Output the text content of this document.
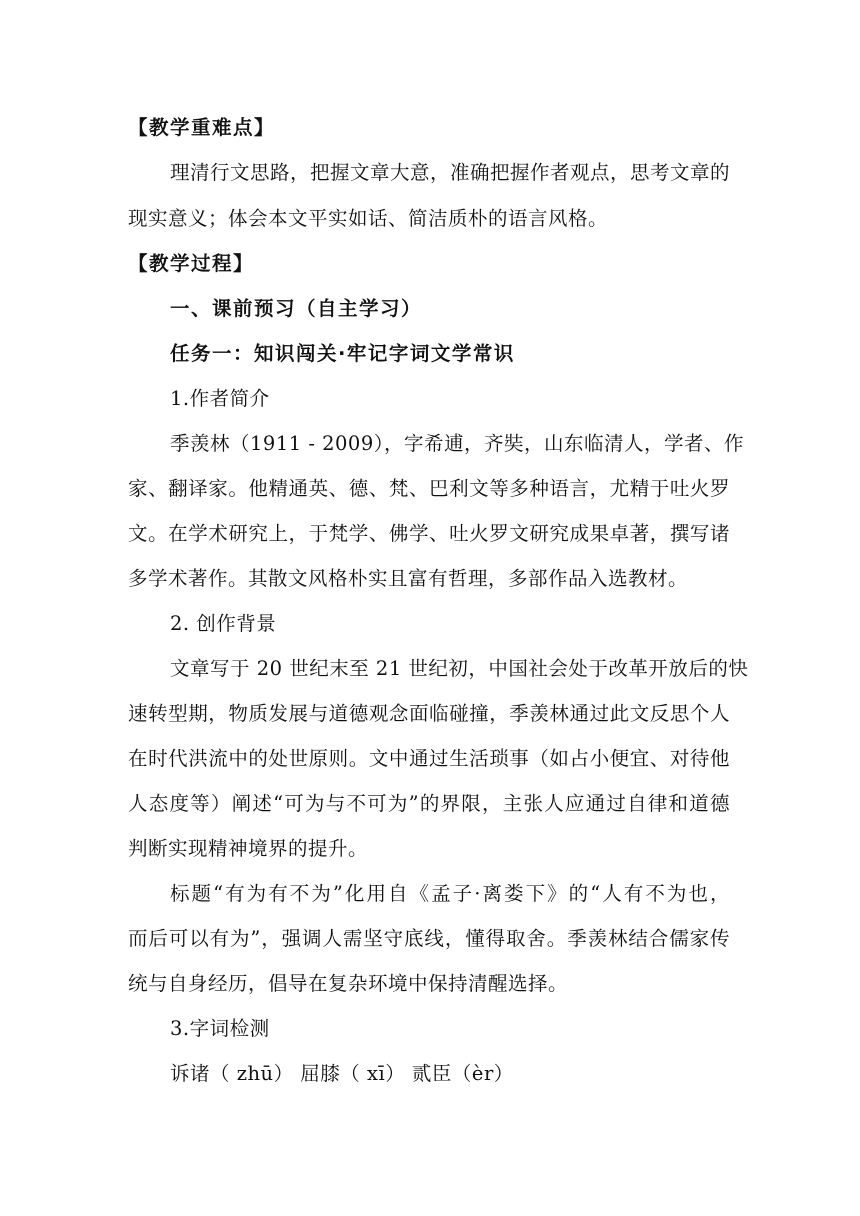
【教学重难点】
理清行文思路，把握文章大意，准确把握作者观点，思考文章的
现实意义；体会本文平实如话、简洁质朴的语言风格。
【教学过程】
一、课前预习（自主学习）
任务一：知识闯关·牢记字词文学常识
1.作者简介
季羡林（1911 - 2009），字希逋，齐奘，山东临清人，学者、作
家、翻译家。他精通英、德、梵、巴利文等多种语言，尤精于吐火罗
文。在学术研究上，于梵学、佛学、吐火罗文研究成果卓著，撰写诸
多学术著作。其散文风格朴实且富有哲理，多部作品入选教材。
2. 创作背景
文章写于 20 世纪末至 21 世纪初，中国社会处于改革开放后的快
速转型期，物质发展与道德观念面临碰撞，季羡林通过此文反思个人
在时代洪流中的处世原则。文中通过生活琐事（如占小便宜、对待他
人态度等）阐述“可为与不可为”的界限，主张人应通过自律和道德
判断实现精神境界的提升。
标题“有为有不为”化用自《孟子·离娄下》的“人有不为也，
而后可以有为”，强调人需坚守底线，懂得取舍。季羡林结合儒家传
统与自身经历，倡导在复杂环境中保持清醒选择。
3.字词检测
诉诸（ zhū） 屈膝（ xī） 贰臣（èr）
